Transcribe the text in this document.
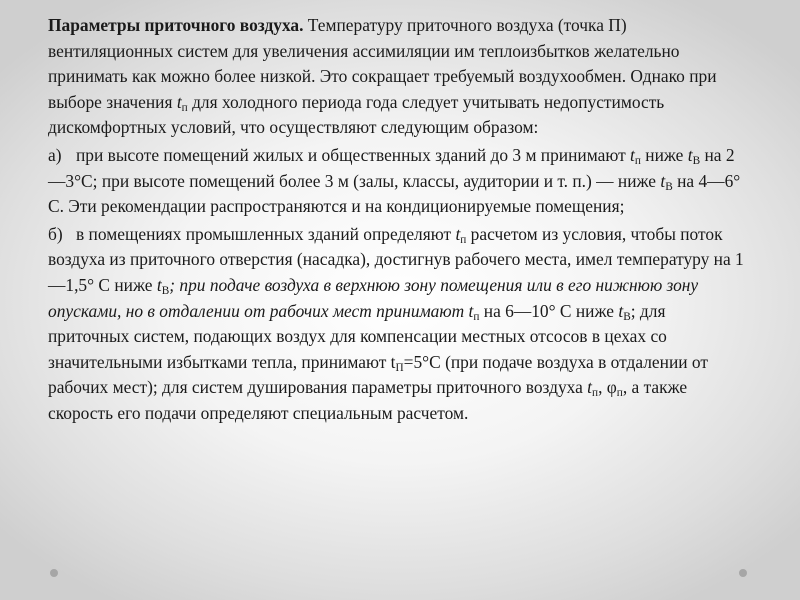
Параметры приточного воздуха. Температуру приточного воздуха (точка П) вентиляционных систем для увеличения ассимиляции им теплоизбытков желательно принимать как можно более низкой. Это сокращает требуемый воздухообмен. Однако при выборе значения $t_п$ для холодного периода года следует учитывать недопустимость дискомфортных условий, что осуществляют следующим образом:

а) при высоте помещений жилых и общественных зданий до 3 м принимают $t_п$ ниже $t_В$ на 2—3°С; при высоте помещений более 3 м (залы, классы, аудитории и т. п.) — ниже $t_В$ на 4—6° С. Эти рекомендации распространяются и на кондиционируемые помещения;

б) в помещениях промышленных зданий определяют $t_п$ расчетом из условия, чтобы поток воздуха из приточного отверстия (насадка), достигнув рабочего места, имел температуру на 1—1,5° С ниже $t_В$; при подаче воздуха в верхнюю зону помещения или в его нижнюю зону опусками, но в отдалении от рабочих мест принимают $t_п$ на 6—10° С ниже $t_В$; для приточных систем, подающих воздух для компенсации местных отсосов в цехах со значительными избытками тепла, принимают $t_П=5^\circ С$ (при подаче воздуха в отдалении от рабочих мест); для систем душирования параметры приточного воздуха $t_п$, $\varphi_п$, а также скорость его подачи определяют специальным расчетом.
